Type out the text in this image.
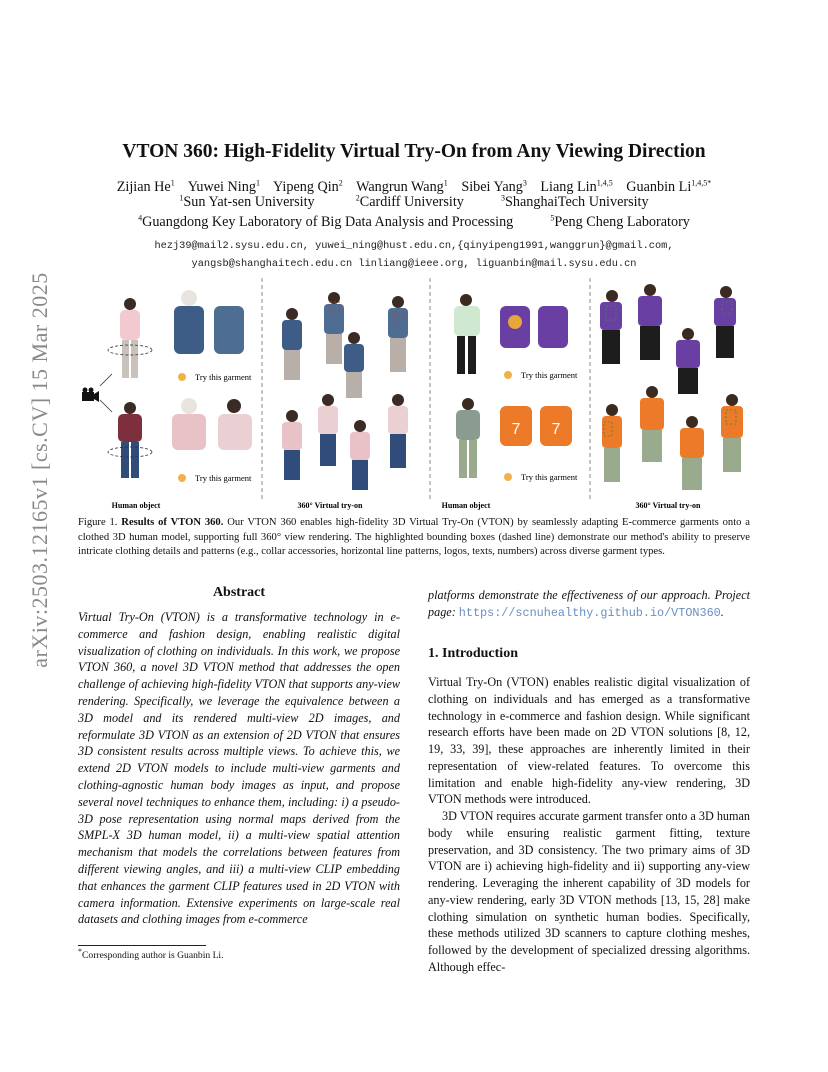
arXiv:2503.12165v1 [cs.CV] 15 Mar 2025
VTON 360: High-Fidelity Virtual Try-On from Any Viewing Direction
Zijian He$^1$ Yuwei Ning$^1$ Yipeng Qin$^2$ Wangrun Wang$^1$ Sibei Yang$^3$ Liang Lin$^{1,4,5}$ Guanbin $Li^{1,4,5*}$
$^1$Sun Yat-sen University	$^2$Cardiff University	$^3$ShanghaiTech University
$^4$Guangdong Key Laboratory of Big Data Analysis and Processing	$^5$Peng Cheng Laboratory
hezj39@mail2.sysu.edu.cn, yuwei_ning@hust.edu.cn,{qinyipeng1991,wanggrun}@gmail.com,
yangsb@shanghaitech.edu.cn linliang@ieee.org, liguanbin@mail.sysu.edu.cn
7 7
Try this garment
Try this garment
Try this garment
Try this garment
Human object	360° Virtual try-on	Human object	360° Virtual try-on
Figure 1. Results of VTON 360. Our VTON 360 enables high-fidelity 3D Virtual Try-On (VTON) by seamlessly adapting E-commerce garments onto a clothed 3D human model, supporting full 360° view rendering. The highlighted bounding boxes (dashed line) demonstrate our method's ability to preserve intricate clothing details and patterns (e.g., collar accessories, horizontal line patterns, logos, texts, numbers) across diverse garment types.
Abstract
Virtual Try-On (VTON) is a transformative technology in e-commerce and fashion design, enabling realistic digital visualization of clothing on individuals. In this work, we propose VTON 360, a novel 3D VTON method that addresses the open challenge of achieving high-fidelity VTON that supports any-view rendering. Specifically, we leverage the equivalence between a 3D model and its rendered multi-view 2D images, and reformulate 3D VTON as an extension of 2D VTON that ensures 3D consistent results across multiple views. To achieve this, we extend 2D VTON models to include multi-view garments and clothing-agnostic human body images as input, and propose several novel techniques to enhance them, including: i) a pseudo-3D pose representation using normal maps derived from the SMPL-X 3D human model, ii) a multi-view spatial attention mechanism that models the correlations between features from different viewing angles, and iii) a multi-view CLIP embedding that enhances the garment CLIP features used in 2D VTON with camera information. Extensive experiments on large-scale real datasets and clothing images from e-commerce
*Corresponding author is Guanbin Li.
platforms demonstrate the effectiveness of our approach. Project page: https://scnuhealthy.github.io/VTON360.
1. Introduction

Virtual Try-On (VTON) enables realistic digital visualization of clothing on individuals and has emerged as a transformative technology in e-commerce and fashion design. While significant research efforts have been made on 2D VTON solutions [8, 12, 19, 33, 39], these approaches are inherently limited in their representation of view-related features. To overcome this limitation and enable high-fidelity any-view rendering, 3D VTON methods were introduced.

3D VTON requires accurate garment transfer onto a 3D human body while ensuring realistic garment fitting, texture preservation, and 3D consistency. The two primary aims of 3D VTON are i) achieving high-fidelity and ii) supporting any-view rendering. Leveraging the inherent capability of 3D models for any-view rendering, early 3D VTON methods [13, 15, 28] make clothing simulation on synthetic human bodies. Specifically, these methods utilized 3D scanners to capture clothing meshes, followed by the development of specialized dressing algorithms. Although effec-
